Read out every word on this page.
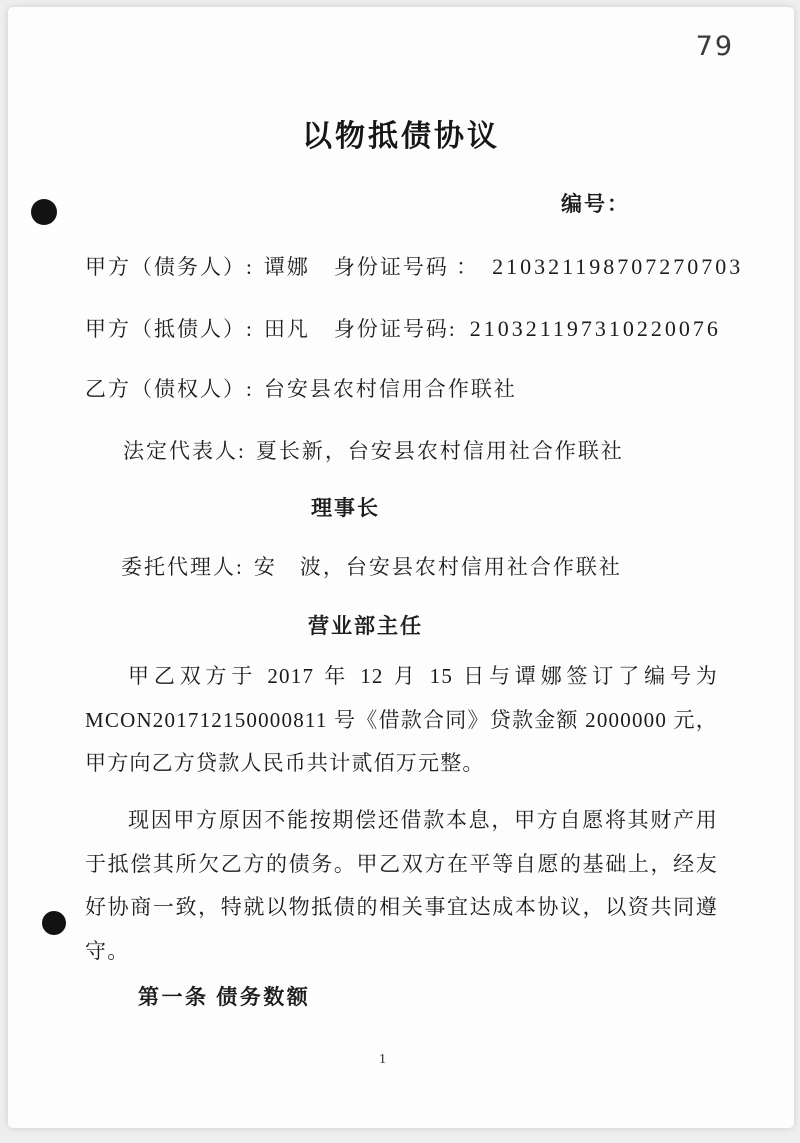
79
以物抵债协议
编号：
甲方（债务人）: 谭娜 身份证号码 ： 210321198707270703
甲方（抵债人）: 田凡 身份证号码: 210321197310220076
乙方（债权人）: 台安县农村信用合作联社
法定代表人: 夏长新，台安县农村信用社合作联社
理事长
委托代理人: 安　波，台安县农村信用社合作联社
营业部主任

甲乙双方于 2017 年 12 月 15 日与谭娜签订了编号为 MCON201712150000811 号《借款合同》贷款金额 2000000 元，甲方向乙方贷款人民币共计贰佰万元整。

现因甲方原因不能按期偿还借款本息，甲方自愿将其财产用于抵偿其所欠乙方的债务。甲乙双方在平等自愿的基础上，经友好协商一致，特就以物抵债的相关事宜达成本协议，以资共同遵守。

第一条 债务数额
1
